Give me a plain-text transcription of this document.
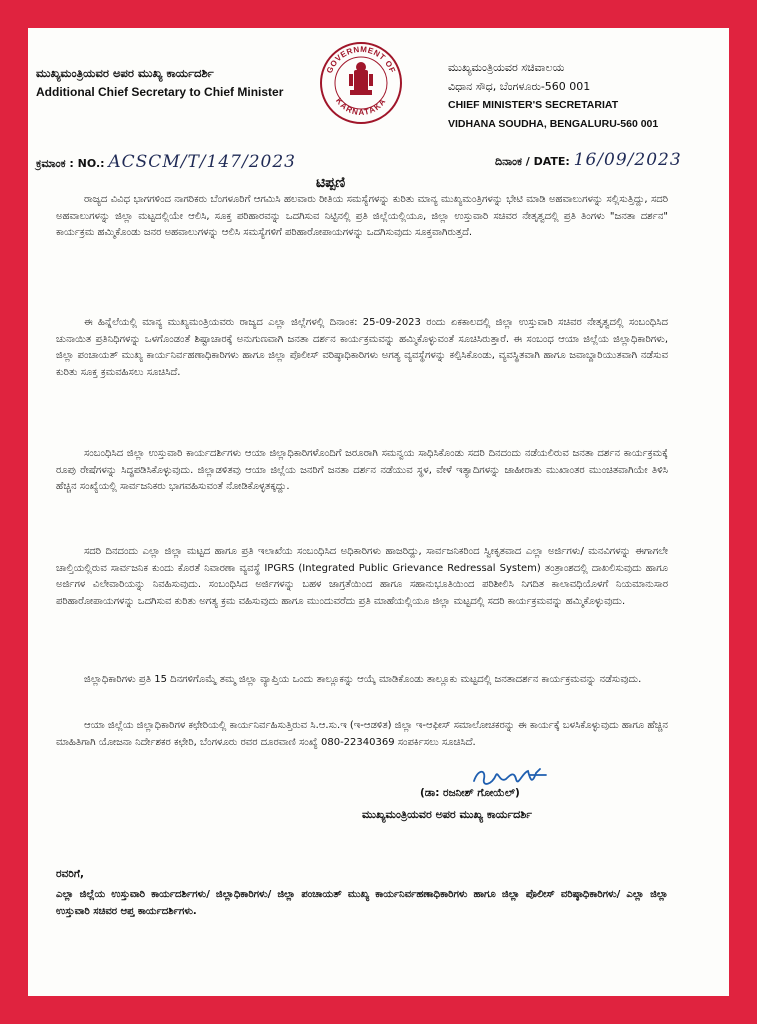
ಮುಖ್ಯಮಂತ್ರಿಯವರ ಅಪರ ಮುಖ್ಯ ಕಾರ್ಯದರ್ಶಿ
Additional Chief Secretary to Chief Minister
GOVERNMENT OF
KARNATAKA
ಮುಖ್ಯಮಂತ್ರಿಯವರ ಸಚಿವಾಲಯ
ವಿಧಾನ ಸೌಧ, ಬೆಂಗಳೂರು-560 001
CHIEF MINISTER'S SECRETARIAT
VIDHANA SOUDHA, BENGALURU-560 001
ಕ್ರಮಾಂಕ : NO.: ACSCM/T/147/2023	ದಿನಾಂಕ / DATE: 16/09/2023
ಟಿಪ್ಪಣಿ

ರಾಜ್ಯದ ವಿವಿಧ ಭಾಗಗಳಿಂದ ನಾಗರಿಕರು ಬೆಂಗಳೂರಿಗೆ ಆಗಮಿಸಿ ಹಲವಾರು ರೀತಿಯ ಸಮಸ್ಯೆಗಳನ್ನು ಕುರಿತು ಮಾನ್ಯ ಮುಖ್ಯಮಂತ್ರಿಗಳನ್ನು ಭೇಟಿ ಮಾಡಿ ಅಹವಾಲುಗಳನ್ನು ಸಲ್ಲಿಸುತ್ತಿದ್ದು, ಸದರಿ ಅಹವಾಲುಗಳನ್ನು ಜಿಲ್ಲಾ ಮಟ್ಟದಲ್ಲಿಯೇ ಆಲಿಸಿ, ಸೂಕ್ತ ಪರಿಹಾರವನ್ನು ಒದಗಿಸುವ ನಿಟ್ಟಿನಲ್ಲಿ ಪ್ರತಿ ಜಿಲ್ಲೆಯಲ್ಲಿಯೂ, ಜಿಲ್ಲಾ ಉಸ್ತುವಾರಿ ಸಚಿವರ ನೇತೃತ್ವದಲ್ಲಿ ಪ್ರತಿ ತಿಂಗಳು "ಜನತಾ ದರ್ಶನ" ಕಾರ್ಯಕ್ರಮ ಹಮ್ಮಿಕೊಂಡು ಜನರ ಅಹವಾಲುಗಳನ್ನು ಆಲಿಸಿ ಸಮಸ್ಯೆಗಳಿಗೆ ಪರಿಹಾರೋಪಾಯಗಳನ್ನು ಒದಗಿಸುವುದು ಸೂಕ್ತವಾಗಿರುತ್ತದೆ.

ಈ ಹಿನ್ನೆಲೆಯಲ್ಲಿ ಮಾನ್ಯ ಮುಖ್ಯಮಂತ್ರಿಯವರು ರಾಜ್ಯದ ಎಲ್ಲಾ ಜಿಲ್ಲೆಗಳಲ್ಲಿ ದಿನಾಂಕ: 25-09-2023 ರಂದು ಏಕಕಾಲದಲ್ಲಿ ಜಿಲ್ಲಾ ಉಸ್ತುವಾರಿ ಸಚಿವರ ನೇತೃತ್ವದಲ್ಲಿ ಸಂಬಂಧಿಸಿದ ಚುನಾಯಿತ ಪ್ರತಿನಿಧಿಗಳನ್ನು ಒಳಗೊಂಡಂತೆ ಶಿಷ್ಟಾಚಾರಕ್ಕೆ ಅನುಗುಣವಾಗಿ ಜನತಾ ದರ್ಶನ ಕಾರ್ಯಕ್ರಮವನ್ನು ಹಮ್ಮಿಕೊಳ್ಳುವಂತೆ ಸೂಚಿಸಿರುತ್ತಾರೆ. ಈ ಸಂಬಂಧ ಆಯಾ ಜಿಲ್ಲೆಯ ಜಿಲ್ಲಾಧಿಕಾರಿಗಳು, ಜಿಲ್ಲಾ ಪಂಚಾಯತ್ ಮುಖ್ಯ ಕಾರ್ಯನಿರ್ವಹಣಾಧಿಕಾರಿಗಳು ಹಾಗೂ ಜಿಲ್ಲಾ ಪೊಲೀಸ್ ವರಿಷ್ಠಾಧಿಕಾರಿಗಳು ಅಗತ್ಯ ವ್ಯವಸ್ಥೆಗಳನ್ನು ಕಲ್ಪಿಸಿಕೊಂಡು, ವ್ಯವಸ್ಥಿತವಾಗಿ ಹಾಗೂ ಜವಾಬ್ದಾರಿಯುತವಾಗಿ ನಡೆಸುವ ಕುರಿತು ಸೂಕ್ತ ಕ್ರಮವಹಿಸಲು ಸೂಚಿಸಿದೆ.

ಸಂಬಂಧಿಸಿದ ಜಿಲ್ಲಾ ಉಸ್ತುವಾರಿ ಕಾರ್ಯದರ್ಶಿಗಳು ಆಯಾ ಜಿಲ್ಲಾಧಿಕಾರಿಗಳೊಂದಿಗೆ ಜರೂರಾಗಿ ಸಮನ್ವಯ ಸಾಧಿಸಿಕೊಂಡು ಸದರಿ ದಿನದಂದು ನಡೆಯಲಿರುವ ಜನತಾ ದರ್ಶನ ಕಾರ್ಯಕ್ರಮಕ್ಕೆ ರೂಪು ರೇಷೆಗಳನ್ನು ಸಿದ್ಧಪಡಿಸಿಕೊಳ್ಳುವುದು. ಜಿಲ್ಲಾಡಳಿತವು ಆಯಾ ಜಿಲ್ಲೆಯ ಜನರಿಗೆ ಜನತಾ ದರ್ಶನ ನಡೆಯುವ ಸ್ಥಳ, ವೇಳೆ ಇತ್ಯಾದಿಗಳನ್ನು ಜಾಹೀರಾತು ಮುಖಾಂತರ ಮುಂಚಿತವಾಗಿಯೇ ತಿಳಿಸಿ ಹೆಚ್ಚಿನ ಸಂಖ್ಯೆಯಲ್ಲಿ ಸಾರ್ವಜನಿಕರು ಭಾಗವಹಿಸುವಂತೆ ನೋಡಿಕೊಳ್ಳತಕ್ಕದ್ದು.

ಸದರಿ ದಿನದಂದು ಎಲ್ಲಾ ಜಿಲ್ಲಾ ಮಟ್ಟದ ಹಾಗೂ ಪ್ರತಿ ಇಲಾಖೆಯ ಸಂಬಂಧಿಸಿದ ಅಧಿಕಾರಿಗಳು ಹಾಜರಿದ್ದು, ಸಾರ್ವಜನಿಕರಿಂದ ಸ್ವೀಕೃತವಾದ ಎಲ್ಲಾ ಅರ್ಜಿಗಳು/ ಮನವಿಗಳನ್ನು ಈಗಾಗಲೇ ಚಾಲ್ತಿಯಲ್ಲಿರುವ ಸಾರ್ವಜನಿಕ ಕುಂದು ಕೊರತೆ ನಿವಾರಣಾ ವ್ಯವಸ್ಥೆ IPGRS (Integrated Public Grievance Redressal System) ತಂತ್ರಾಂಶದಲ್ಲಿ ದಾಖಲಿಸುವುದು ಹಾಗೂ ಅರ್ಜಿಗಳ ವಿಲೇವಾರಿಯನ್ನು ನಿವಹಿಸುವುದು. ಸಂಬಂಧಿಸಿದ ಅರ್ಜಿಗಳನ್ನು ಬಹಳ ಜಾಗ್ರತೆಯಿಂದ ಹಾಗೂ ಸಹಾನುಭೂತಿಯಿಂದ ಪರಿಶೀಲಿಸಿ ನಿಗದಿತ ಕಾಲಾವಧಿಯೊಳಗೆ ನಿಯಮಾನುಸಾರ ಪರಿಹಾರೋಪಾಯಗಳನ್ನು ಒದಗಿಸುವ ಕುರಿತು ಅಗತ್ಯ ಕ್ರಮ ವಹಿಸುವುದು ಹಾಗೂ ಮುಂದುವರೆದು ಪ್ರತಿ ಮಾಹೆಯಲ್ಲಿಯೂ ಜಿಲ್ಲಾ ಮಟ್ಟದಲ್ಲಿ ಸದರಿ ಕಾರ್ಯಕ್ರಮವನ್ನು ಹಮ್ಮಿಕೊಳ್ಳುವುದು.

ಜಿಲ್ಲಾಧಿಕಾರಿಗಳು ಪ್ರತಿ 15 ದಿನಗಳಿಗೊಮ್ಮೆ ತಮ್ಮ ಜಿಲ್ಲಾ ವ್ಯಾಪ್ತಿಯ ಒಂದು ತಾಲ್ಲೂಕನ್ನು ಆಯ್ಕೆ ಮಾಡಿಕೊಂಡು ತಾಲ್ಲೂಕು ಮಟ್ಟದಲ್ಲಿ ಜನತಾದರ್ಶನ ಕಾರ್ಯಕ್ರಮವನ್ನು ನಡೆಸುವುದು.

ಆಯಾ ಜಿಲ್ಲೆಯ ಜಿಲ್ಲಾಧಿಕಾರಿಗಳ ಕಛೇರಿಯಲ್ಲಿ ಕಾರ್ಯನಿರ್ವಹಿಸುತ್ತಿರುವ ಸಿ.ಆ.ಸು.ಇ (ಇ-ಆಡಳಿತ) ಜಿಲ್ಲಾ ಇ-ಆಫೀಸ್ ಸಮಾಲೋಚಕರನ್ನು ಈ ಕಾರ್ಯಕ್ಕೆ ಬಳಸಿಕೊಳ್ಳುವುದು ಹಾಗೂ ಹೆಚ್ಚಿನ ಮಾಹಿತಿಗಾಗಿ ಯೋಜನಾ ನಿರ್ದೇಶಕರ ಕಛೇರಿ, ಬೆಂಗಳೂರು ರವರ ದೂರವಾಣಿ ಸಂಖ್ಯೆ 080-22340369 ಸಂಪರ್ಕಿಸಲು ಸೂಚಿಸಿದೆ.

(ಡಾ: ರಜನೀಶ್ ಗೋಯೆಲ್)
ಮುಖ್ಯಮಂತ್ರಿಯವರ ಅಪರ ಮುಖ್ಯ ಕಾರ್ಯದರ್ಶಿ
ರವರಿಗೆ,
ಎಲ್ಲಾ ಜಿಲ್ಲೆಯ ಉಸ್ತುವಾರಿ ಕಾರ್ಯದರ್ಶಿಗಳು/ ಜಿಲ್ಲಾಧಿಕಾರಿಗಳು/ ಜಿಲ್ಲಾ ಪಂಚಾಯತ್ ಮುಖ್ಯ ಕಾರ್ಯನಿರ್ವಹಣಾಧಿಕಾರಿಗಳು ಹಾಗೂ ಜಿಲ್ಲಾ ಪೊಲೀಸ್ ವರಿಷ್ಠಾಧಿಕಾರಿಗಳು/ ಎಲ್ಲಾ ಜಿಲ್ಲಾ ಉಸ್ತುವಾರಿ ಸಚಿವರ ಆಪ್ತ ಕಾರ್ಯದರ್ಶಿಗಳು.
